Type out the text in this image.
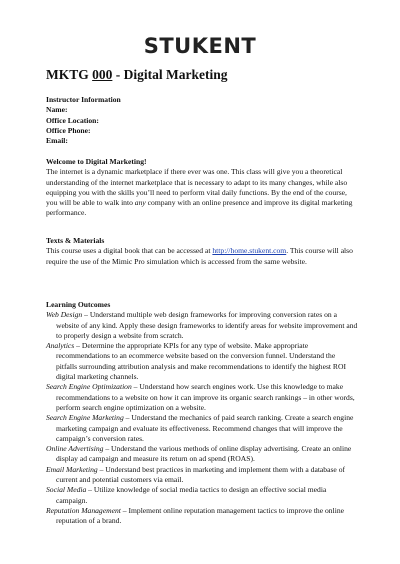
STUKENT
MKTG 000 - Digital Marketing
Instructor Information
Name:
Office Location:
Office Phone:
Email:
Welcome to Digital Marketing!
The internet is a dynamic marketplace if there ever was one. This class will give you a theoretical understanding of the internet marketplace that is necessary to adapt to its many changes, while also equipping you with the skills you’ll need to perform vital daily functions. By the end of the course, you will be able to walk into any company with an online presence and improve its digital marketing performance.
Texts & Materials
This course uses a digital book that can be accessed at http://home.stukent.com. This course will also require the use of the Mimic Pro simulation which is accessed from the same website.
Learning Outcomes
Web Design – Understand multiple web design frameworks for improving conversion rates on a website of any kind. Apply these design frameworks to identify areas for website improvement and to properly design a website from scratch.
Analytics – Determine the appropriate KPIs for any type of website. Make appropriate recommendations to an ecommerce website based on the conversion funnel. Understand the pitfalls surrounding attribution analysis and make recommendations to identify the highest ROI digital marketing channels.
Search Engine Optimization – Understand how search engines work. Use this knowledge to make recommendations to a website on how it can improve its organic search rankings – in other words, perform search engine optimization on a website.
Search Engine Marketing – Understand the mechanics of paid search ranking. Create a search engine marketing campaign and evaluate its effectiveness. Recommend changes that will improve the campaign’s conversion rates.
Online Advertising – Understand the various methods of online display advertising. Create an online display ad campaign and measure its return on ad spend (ROAS).
Email Marketing – Understand best practices in marketing and implement them with a database of current and potential customers via email.
Social Media – Utilize knowledge of social media tactics to design an effective social media campaign.
Reputation Management – Implement online reputation management tactics to improve the online reputation of a brand.
